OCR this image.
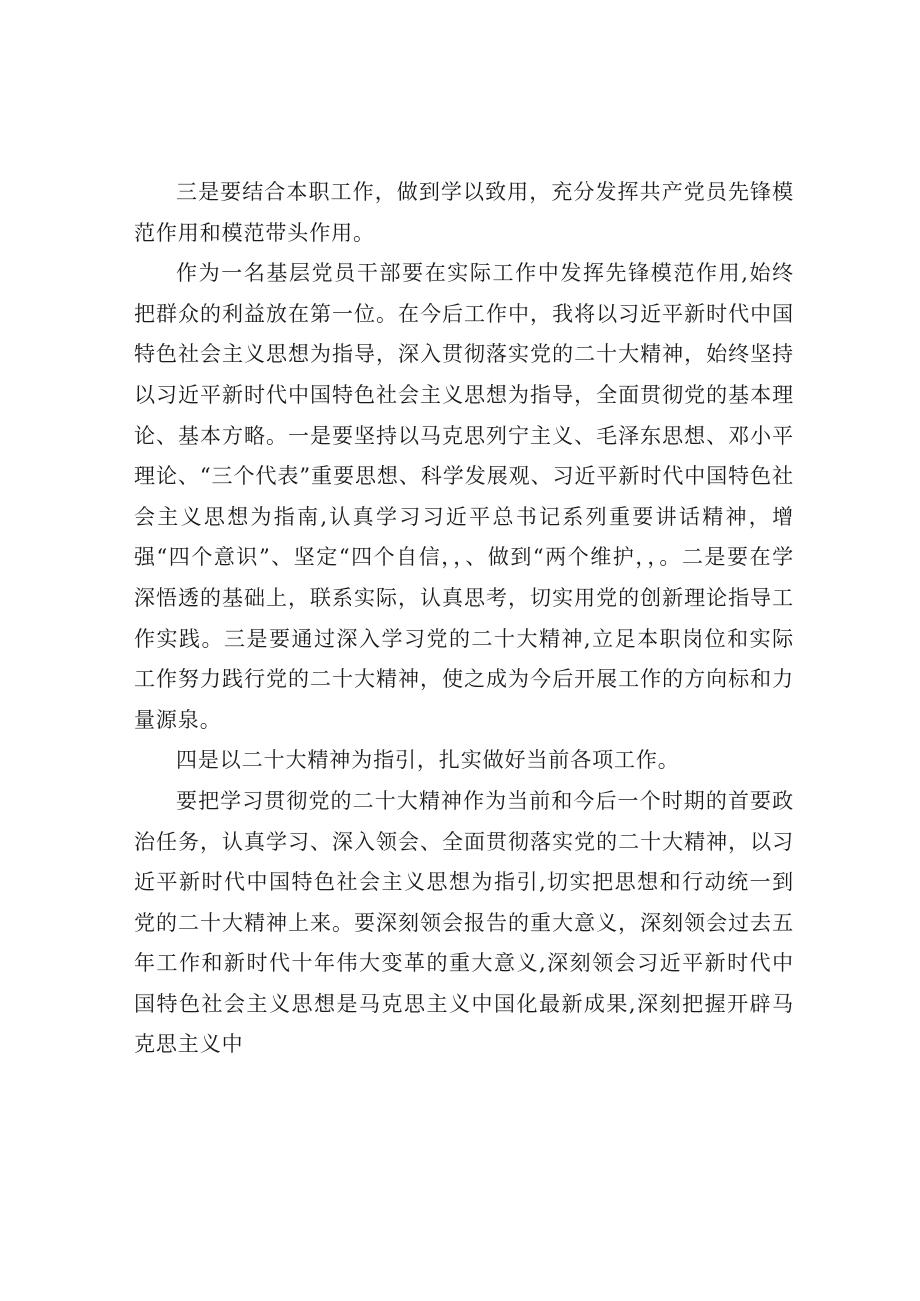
三是要结合本职工作，做到学以致用，充分发挥共产党员先锋模范作用和模范带头作用。

作为一名基层党员干部要在实际工作中发挥先锋模范作用,始终把群众的利益放在第一位。在今后工作中，我将以习近平新时代中国特色社会主义思想为指导，深入贯彻落实党的二十大精神，始终坚持以习近平新时代中国特色社会主义思想为指导，全面贯彻党的基本理论、基本方略。一是要坚持以马克思列宁主义、毛泽东思想、邓小平理论、“三个代表”重要思想、科学发展观、习近平新时代中国特色社会主义思想为指南,认真学习习近平总书记系列重要讲话精神，增强“四个意识”、坚定“四个自信，，、做到“两个维护，，。二是要在学深悟透的基础上，联系实际，认真思考，切实用党的创新理论指导工作实践。三是要通过深入学习党的二十大精神,立足本职岗位和实际工作努力践行党的二十大精神，使之成为今后开展工作的方向标和力量源泉。

四是以二十大精神为指引，扎实做好当前各项工作。

要把学习贯彻党的二十大精神作为当前和今后一个时期的首要政治任务，认真学习、深入领会、全面贯彻落实党的二十大精神，以习近平新时代中国特色社会主义思想为指引,切实把思想和行动统一到党的二十大精神上来。要深刻领会报告的重大意义，深刻领会过去五年工作和新时代十年伟大变革的重大意义,深刻领会习近平新时代中国特色社会主义思想是马克思主义中国化最新成果,深刻把握开辟马克思主义中
